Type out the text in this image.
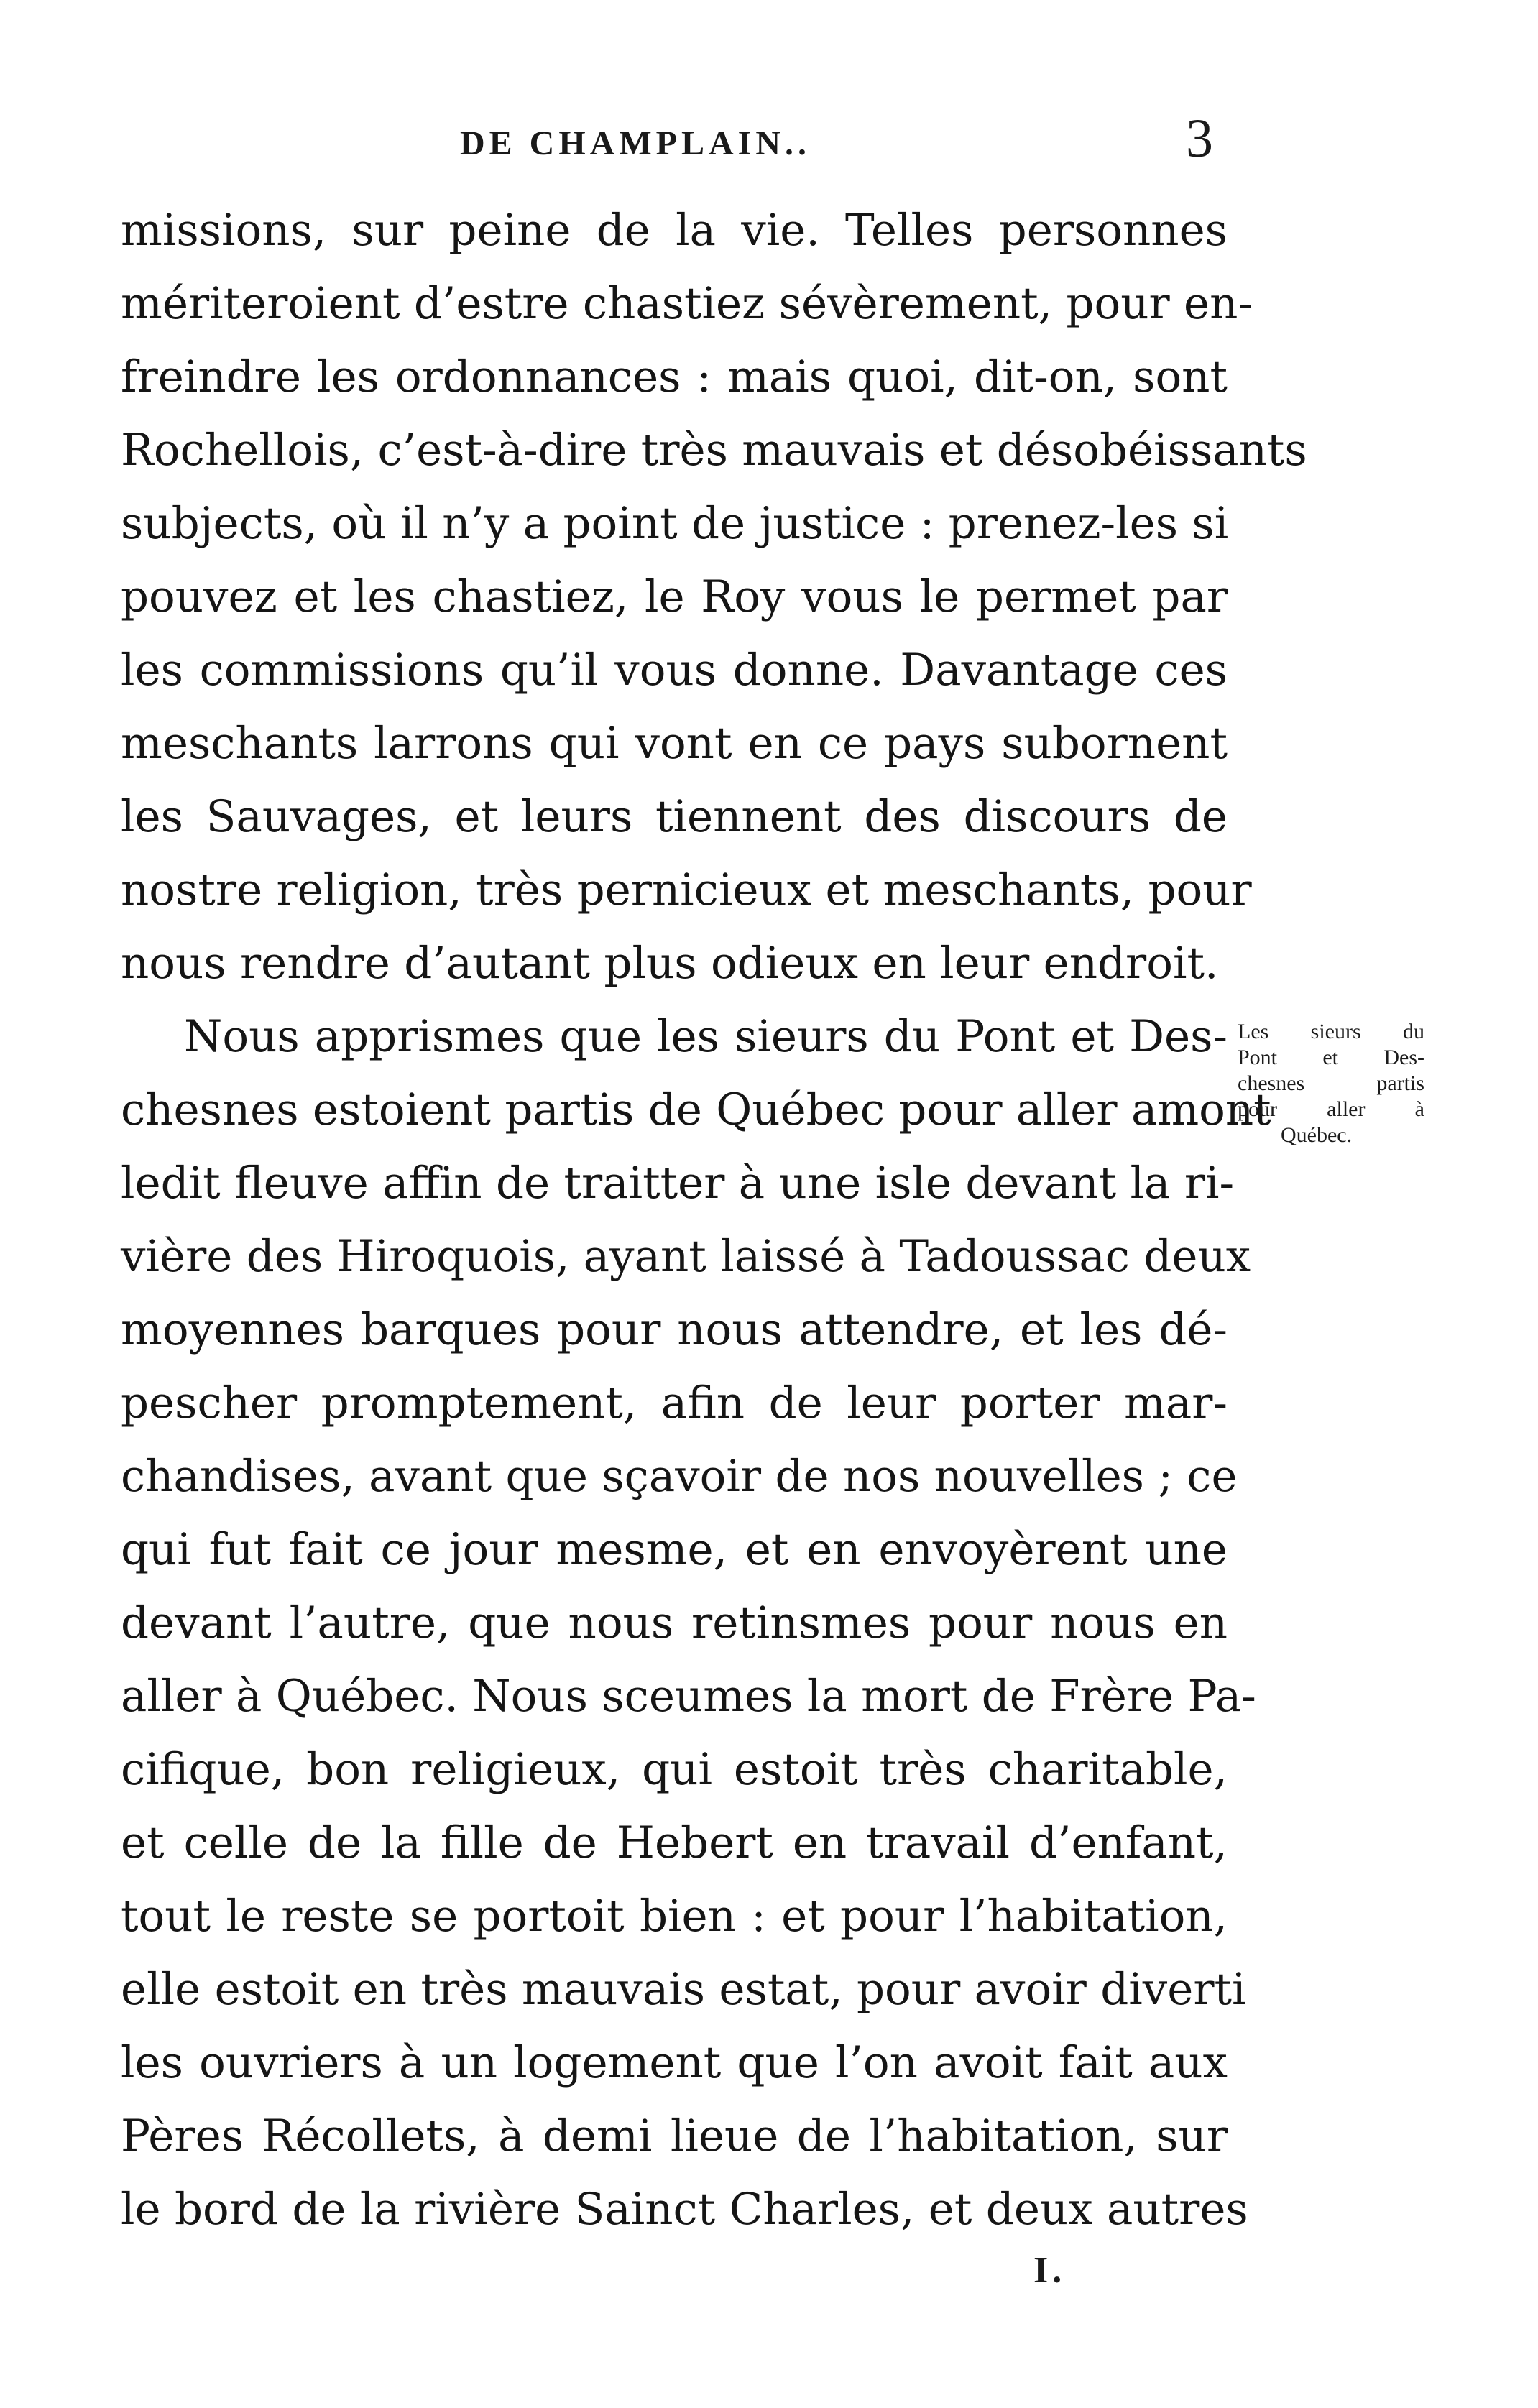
DE CHAMPLAIN..	3
missions, sur peine de la vie. Telles personnes
mériteroient d’estre chastiez sévèrement, pour en-
freindre les ordonnances : mais quoi, dit-on, sont
Rochellois, c’est-à-dire très mauvais et désobéissants
subjects, où il n’y a point de justice : prenez-les si
pouvez et les chastiez, le Roy vous le permet par
les commissions qu’il vous donne. Davantage ces
meschants larrons qui vont en ce pays subornent
les Sauvages, et leurs tiennent des discours de
nostre religion, très pernicieux et meschants, pour
nous rendre d’autant plus odieux en leur endroit.
Nous apprismes que les sieurs du Pont et Des-
chesnes estoient partis de Québec pour aller amont
ledit fleuve affin de traitter à une isle devant la ri-
vière des Hiroquois, ayant laissé à Tadoussac deux
moyennes barques pour nous attendre, et les dé-
pescher promptement, afin de leur porter mar-
chandises, avant que sçavoir de nos nouvelles ; ce
qui fut fait ce jour mesme, et en envoyèrent une
devant l’autre, que nous retinsmes pour nous en
aller à Québec. Nous sceumes la mort de Frère Pa-
cifique, bon religieux, qui estoit très charitable,
et celle de la fille de Hebert en travail d’enfant,
tout le reste se portoit bien : et pour l’habitation,
elle estoit en très mauvais estat, pour avoir diverti
les ouvriers à un logement que l’on avoit fait aux
Pères Récollets, à demi lieue de l’habitation, sur
le bord de la rivière Sainct Charles, et deux autres
Les sieurs du
Pont et Des-
chesnes partis
pour aller à
Québec.
I.
